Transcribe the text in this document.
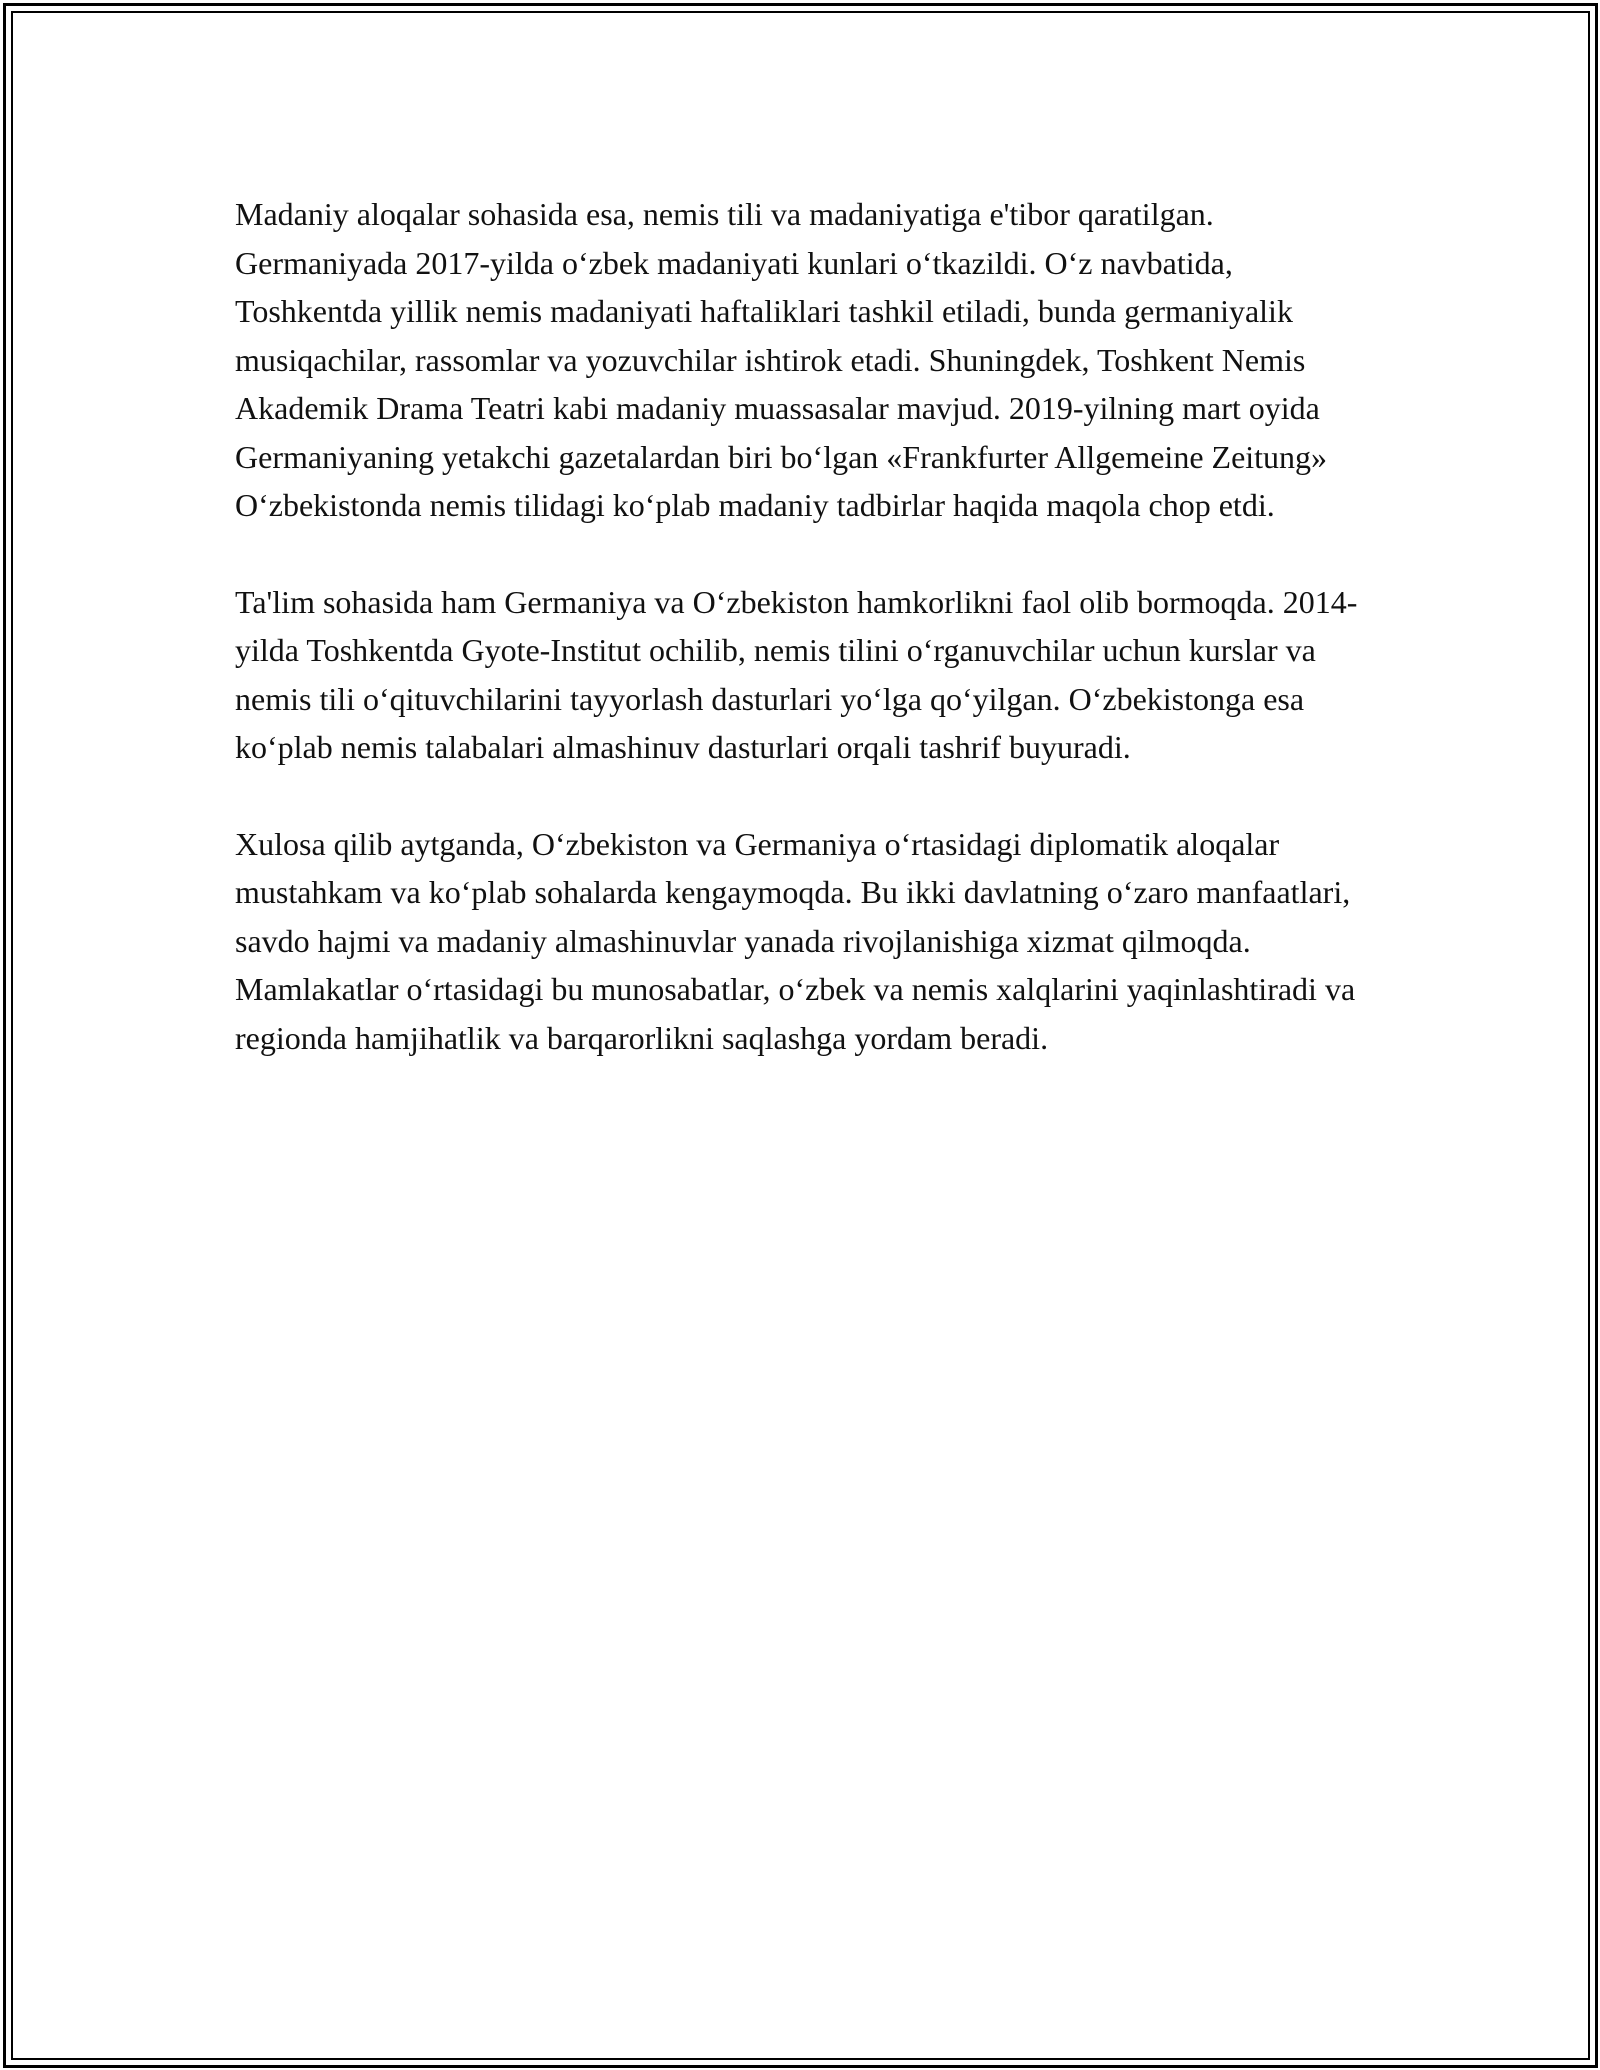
Madaniy aloqalar sohasida esa, nemis tili va madaniyatiga e'tibor qaratilgan. Germaniyada 2017-yilda o‘zbek madaniyati kunlari o‘tkazildi. O‘z navbatida, Toshkentda yillik nemis madaniyati haftaliklari tashkil etiladi, bunda germaniyalik musiqachilar, rassomlar va yozuvchilar ishtirok etadi. Shuningdek, Toshkent Nemis Akademik Drama Teatri kabi madaniy muassasalar mavjud. 2019-yilning mart oyida Germaniyaning yetakchi gazetalardan biri bo‘lgan «Frankfurter Allgemeine Zeitung» O‘zbekistonda nemis tilidagi ko‘plab madaniy tadbirlar haqida maqola chop etdi.

Ta'lim sohasida ham Germaniya va O‘zbekiston hamkorlikni faol olib bormoqda. 2014-yilda Toshkentda Gyote-Institut ochilib, nemis tilini o‘rganuvchilar uchun kurslar va nemis tili o‘qituvchilarini tayyorlash dasturlari yo‘lga qo‘yilgan. O‘zbekistonga esa ko‘plab nemis talabalari almashinuv dasturlari orqali tashrif buyuradi.

Xulosa qilib aytganda, O‘zbekiston va Germaniya o‘rtasidagi diplomatik aloqalar mustahkam va ko‘plab sohalarda kengaymoqda. Bu ikki davlatning o‘zaro manfaatlari, savdo hajmi va madaniy almashinuvlar yanada rivojlanishiga xizmat qilmoqda. Mamlakatlar o‘rtasidagi bu munosabatlar, o‘zbek va nemis xalqlarini yaqinlashtiradi va regionda hamjihatlik va barqarorlikni saqlashga yordam beradi.
